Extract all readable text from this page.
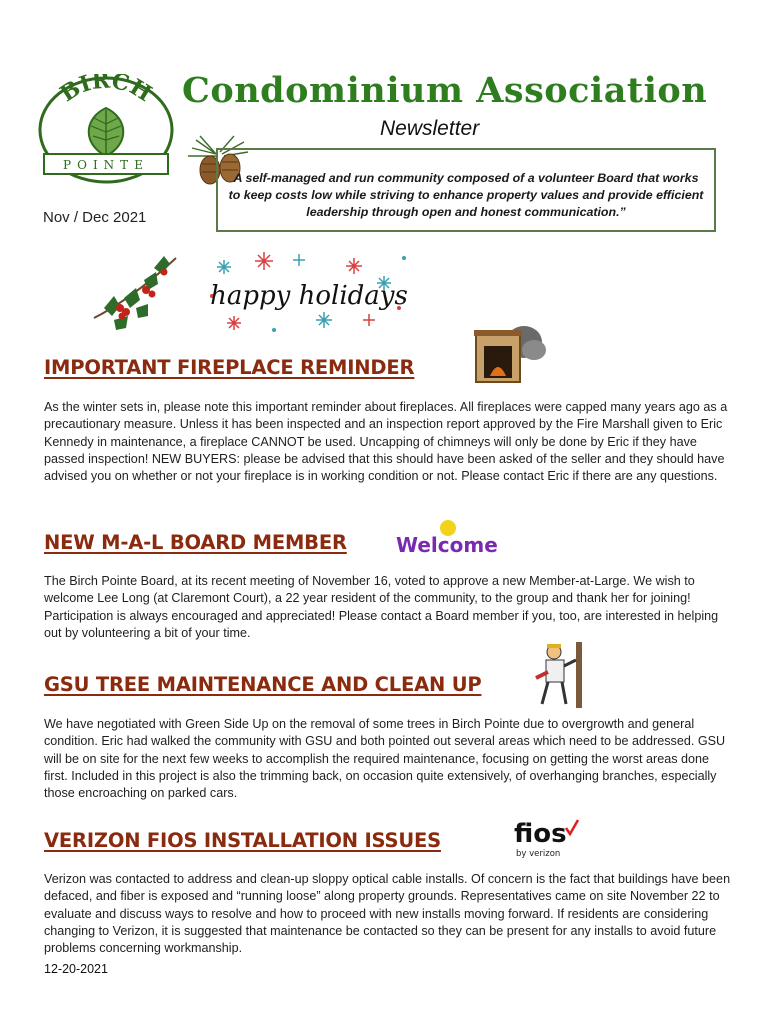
BIRCH
POINTE
Condominium Association
Newsletter
A self-managed and run community composed of a volunteer Board that works to keep costs low while striving to enhance property values and provide efficient leadership through open and honest communication.”
Nov / Dec 2021
happy holidays
IMPORTANT FIREPLACE REMINDER
As the winter sets in, please note this important reminder about fireplaces. All fireplaces were capped many years ago as a precautionary measure. Unless it has been inspected and an inspection report approved by the Fire Marshall given to Eric Kennedy in maintenance, a fireplace CANNOT be used. Uncapping of chimneys will only be done by Eric if they have passed inspection! NEW BUYERS: please be advised that this should have been asked of the seller and they should have advised you on whether or not your fireplace is in working condition or not. Please contact Eric if there are any questions.
NEW M-A-L BOARD MEMBER Welcome
The Birch Pointe Board, at its recent meeting of November 16, voted to approve a new Member-at-Large. We wish to welcome Lee Long (at Claremont Court), a 22 year resident of the community, to the group and thank her for joining! Participation is always encouraged and appreciated! Please contact a Board member if you, too, are interested in helping out by volunteering a bit of your time.
GSU TREE MAINTENANCE AND CLEAN UP
We have negotiated with Green Side Up on the removal of some trees in Birch Pointe due to overgrowth and general condition. Eric had walked the community with GSU and both pointed out several areas which need to be addressed. GSU will be on site for the next few weeks to accomplish the required maintenance, focusing on getting the worst areas done first. Included in this project is also the trimming back, on occasion quite extensively, of overhanging branches, especially those encroaching on parked cars.
VERIZON FIOS INSTALLATION ISSUES	fios
by verizon
Verizon was contacted to address and clean-up sloppy optical cable installs. Of concern is the fact that buildings have been defaced, and fiber is exposed and “running loose” along property grounds. Representatives came on site November 22 to evaluate and discuss ways to resolve and how to proceed with new installs moving forward. If residents are considering changing to Verizon, it is suggested that maintenance be contacted so they can be present for any installs to avoid future problems concerning workmanship.
12-20-2021
